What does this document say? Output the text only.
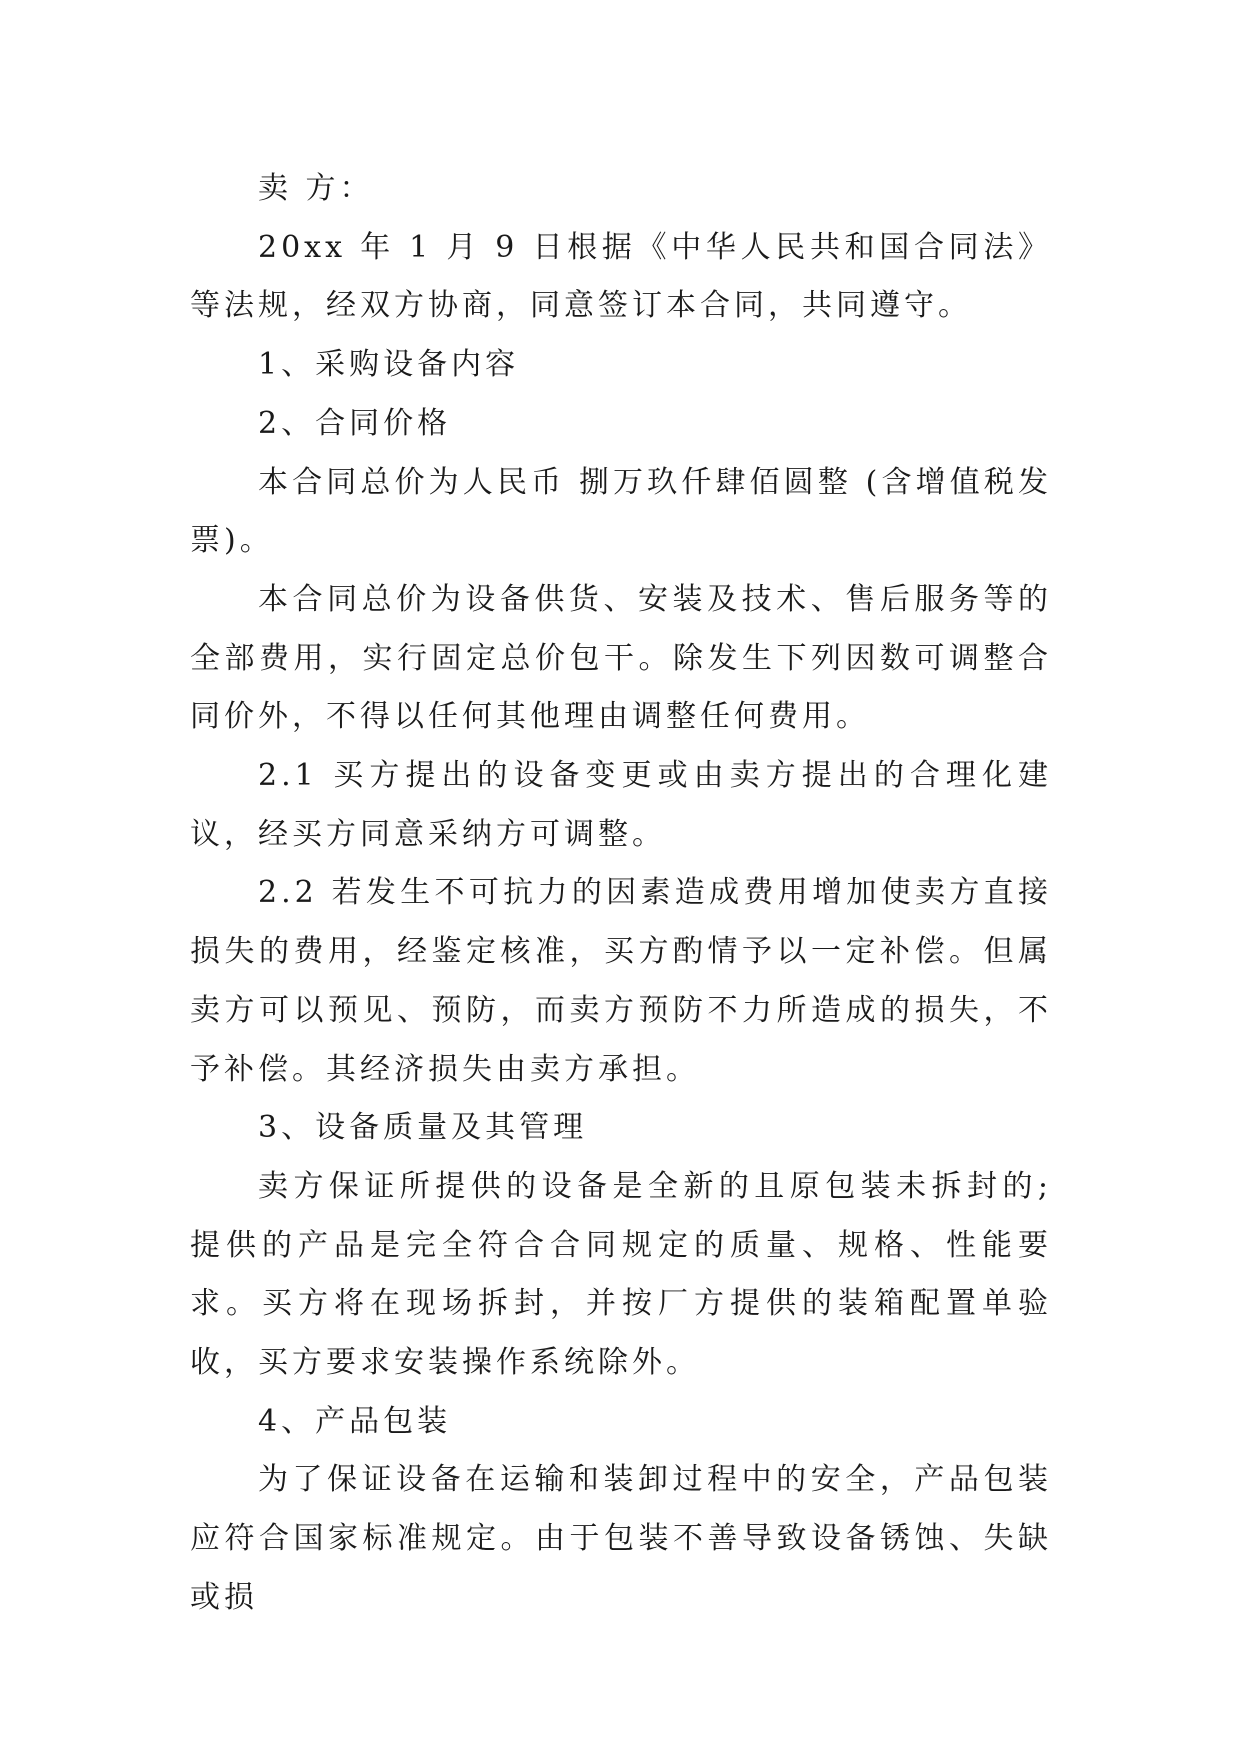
卖 方：

20xx 年 1 月 9 日根据《中华人民共和国合同法》等法规，经双方协商，同意签订本合同，共同遵守。

1、采购设备内容

2、合同价格

本合同总价为人民币 捌万玖仟肆佰圆整 (含增值税发票)。

本合同总价为设备供货、安装及技术、售后服务等的全部费用，实行固定总价包干。除发生下列因数可调整合同价外，不得以任何其他理由调整任何费用。

2.1 买方提出的设备变更或由卖方提出的合理化建议，经买方同意采纳方可调整。

2.2 若发生不可抗力的因素造成费用增加使卖方直接损失的费用，经鉴定核准，买方酌情予以一定补偿。但属卖方可以预见、预防，而卖方预防不力所造成的损失，不予补偿。其经济损失由卖方承担。

3、设备质量及其管理

卖方保证所提供的设备是全新的且原包装未拆封的;提供的产品是完全符合合同规定的质量、规格、性能要求。买方将在现场拆封，并按厂方提供的装箱配置单验收，买方要求安装操作系统除外。

4、产品包装

为了保证设备在运输和装卸过程中的安全，产品包装应符合国家标准规定。由于包装不善导致设备锈蚀、失缺或损
